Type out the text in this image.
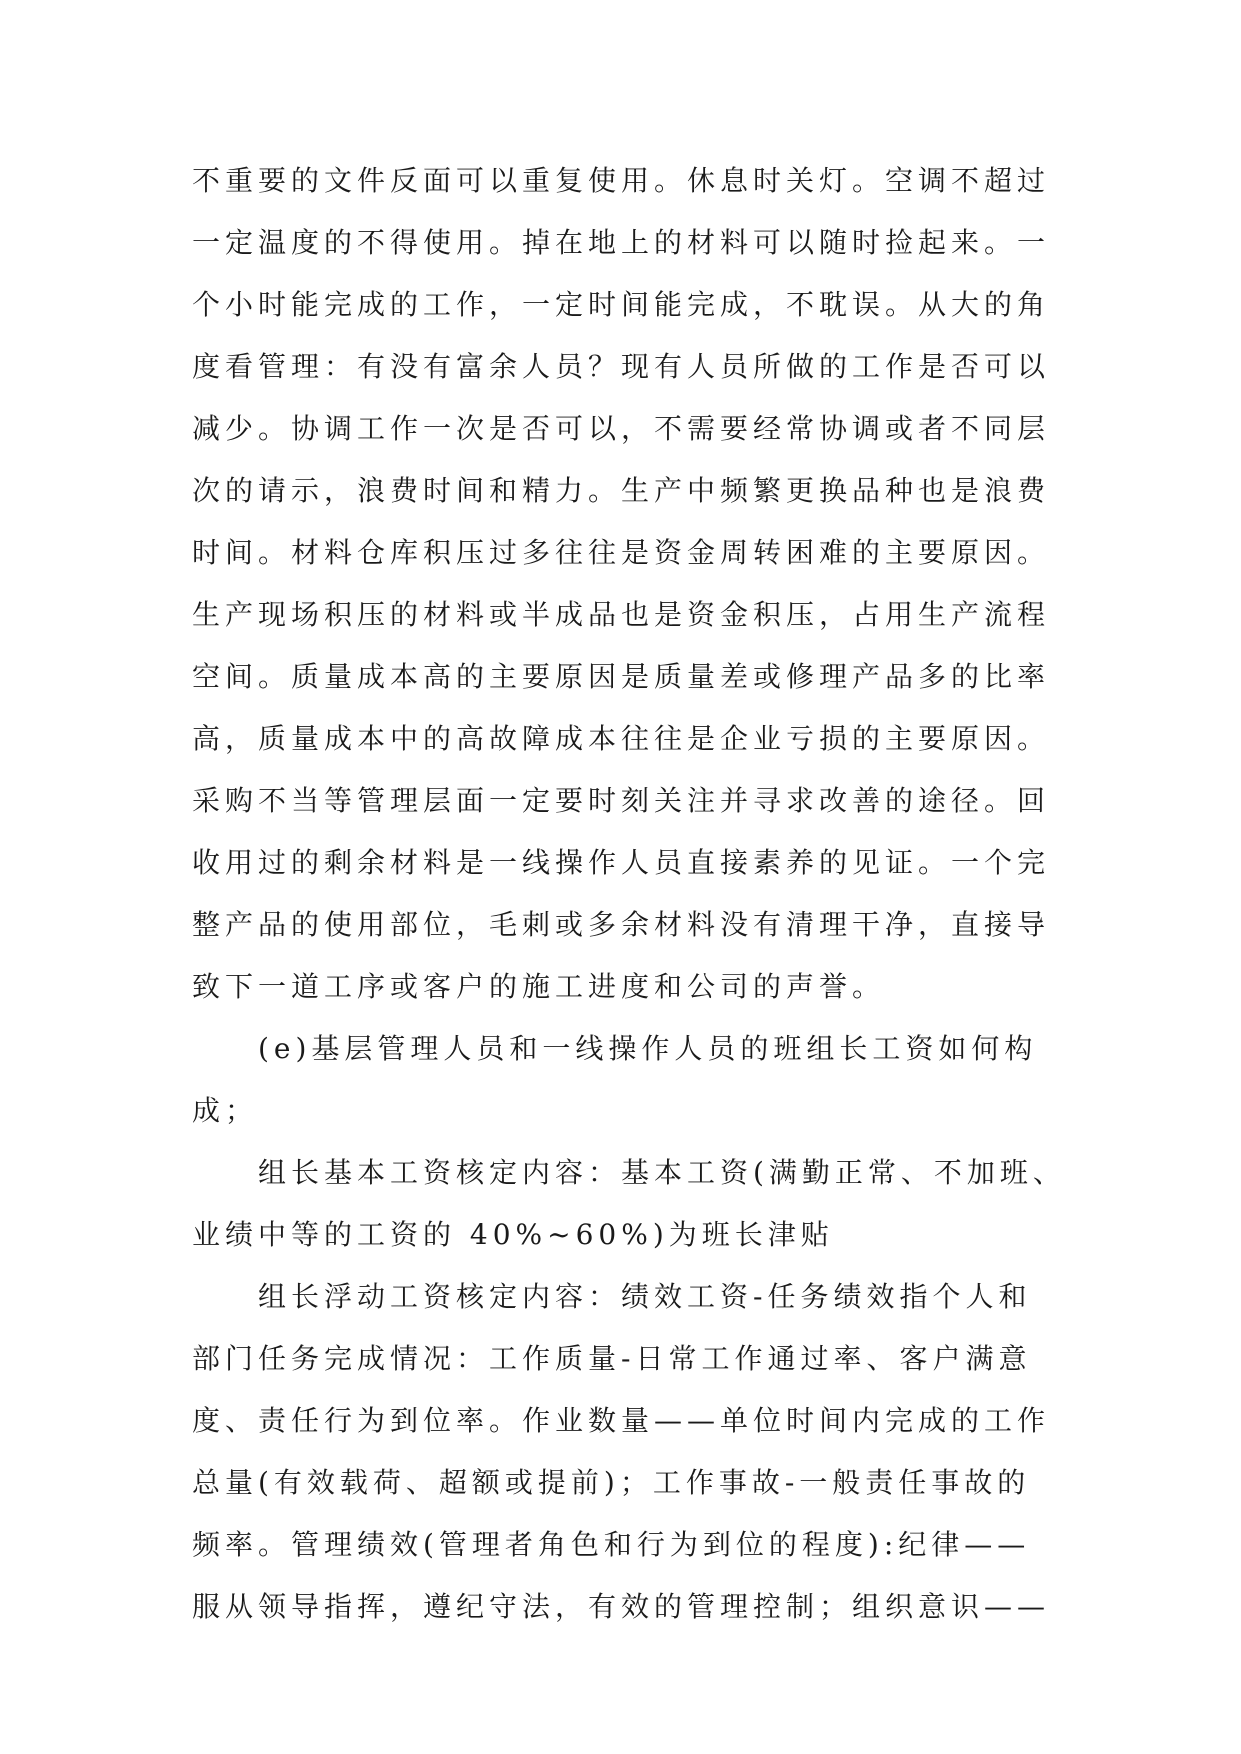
不重要的文件反面可以重复使用。休息时关灯。空调不超过
一定温度的不得使用。掉在地上的材料可以随时捡起来。一
个小时能完成的工作，一定时间能完成，不耽误。从大的角
度看管理：有没有富余人员？现有人员所做的工作是否可以
减少。协调工作一次是否可以，不需要经常协调或者不同层
次的请示，浪费时间和精力。生产中频繁更换品种也是浪费
时间。材料仓库积压过多往往是资金周转困难的主要原因。
生产现场积压的材料或半成品也是资金积压，占用生产流程
空间。质量成本高的主要原因是质量差或修理产品多的比率
高，质量成本中的高故障成本往往是企业亏损的主要原因。
采购不当等管理层面一定要时刻关注并寻求改善的途径。回
收用过的剩余材料是一线操作人员直接素养的见证。一个完
整产品的使用部位，毛刺或多余材料没有清理干净，直接导
致下一道工序或客户的施工进度和公司的声誉。
(e)基层管理人员和一线操作人员的班组长工资如何构
成；
组长基本工资核定内容：基本工资(满勤正常、不加班、
业绩中等的工资的 40%~60%)为班长津贴
组长浮动工资核定内容：绩效工资-任务绩效指个人和
部门任务完成情况：工作质量-日常工作通过率、客户满意
度、责任行为到位率。作业数量——单位时间内完成的工作
总量(有效载荷、超额或提前)；工作事故-一般责任事故的
频率。管理绩效(管理者角色和行为到位的程度):纪律——
服从领导指挥，遵纪守法，有效的管理控制；组织意识——
